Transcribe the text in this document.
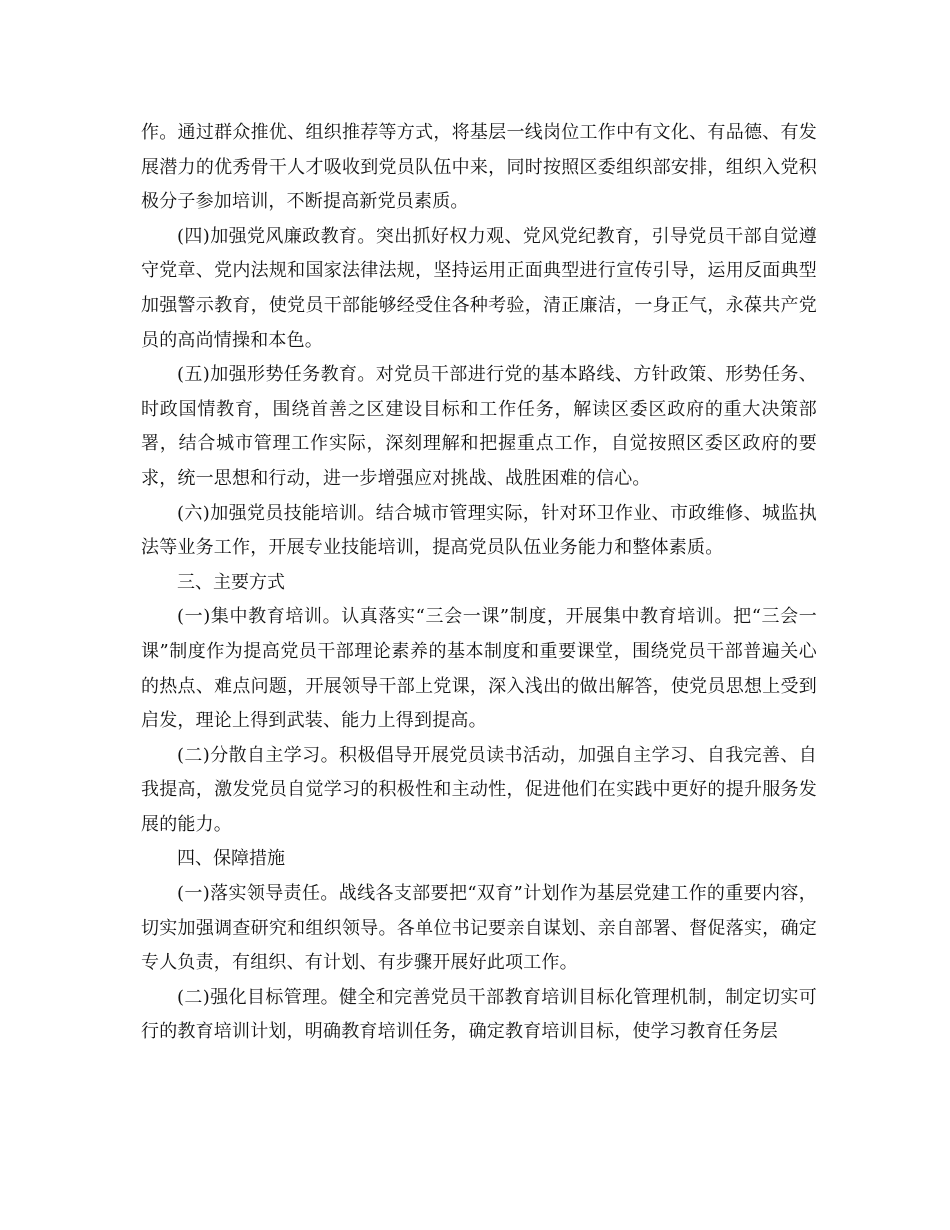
作。通过群众推优、组织推荐等方式，将基层一线岗位工作中有文化、有品德、有发展潜力的优秀骨干人才吸收到党员队伍中来，同时按照区委组织部安排，组织入党积极分子参加培训，不断提高新党员素质。

(四)加强党风廉政教育。突出抓好权力观、党风党纪教育，引导党员干部自觉遵守党章、党内法规和国家法律法规，坚持运用正面典型进行宣传引导，运用反面典型加强警示教育，使党员干部能够经受住各种考验，清正廉洁，一身正气，永葆共产党员的高尚情操和本色。

(五)加强形势任务教育。对党员干部进行党的基本路线、方针政策、形势任务、时政国情教育，围绕首善之区建设目标和工作任务，解读区委区政府的重大决策部署，结合城市管理工作实际，深刻理解和把握重点工作，自觉按照区委区政府的要求，统一思想和行动，进一步增强应对挑战、战胜困难的信心。

(六)加强党员技能培训。结合城市管理实际，针对环卫作业、市政维修、城监执法等业务工作，开展专业技能培训，提高党员队伍业务能力和整体素质。

三、主要方式

(一)集中教育培训。认真落实“三会一课”制度，开展集中教育培训。把“三会一课”制度作为提高党员干部理论素养的基本制度和重要课堂，围绕党员干部普遍关心的热点、难点问题，开展领导干部上党课，深入浅出的做出解答，使党员思想上受到启发，理论上得到武装、能力上得到提高。

(二)分散自主学习。积极倡导开展党员读书活动，加强自主学习、自我完善、自我提高，激发党员自觉学习的积极性和主动性，促进他们在实践中更好的提升服务发展的能力。

四、保障措施

(一)落实领导责任。战线各支部要把“双育”计划作为基层党建工作的重要内容，切实加强调查研究和组织领导。各单位书记要亲自谋划、亲自部署、督促落实，确定专人负责，有组织、有计划、有步骤开展好此项工作。

(二)强化目标管理。健全和完善党员干部教育培训目标化管理机制，制定切实可行的教育培训计划，明确教育培训任务，确定教育培训目标，使学习教育任务层
